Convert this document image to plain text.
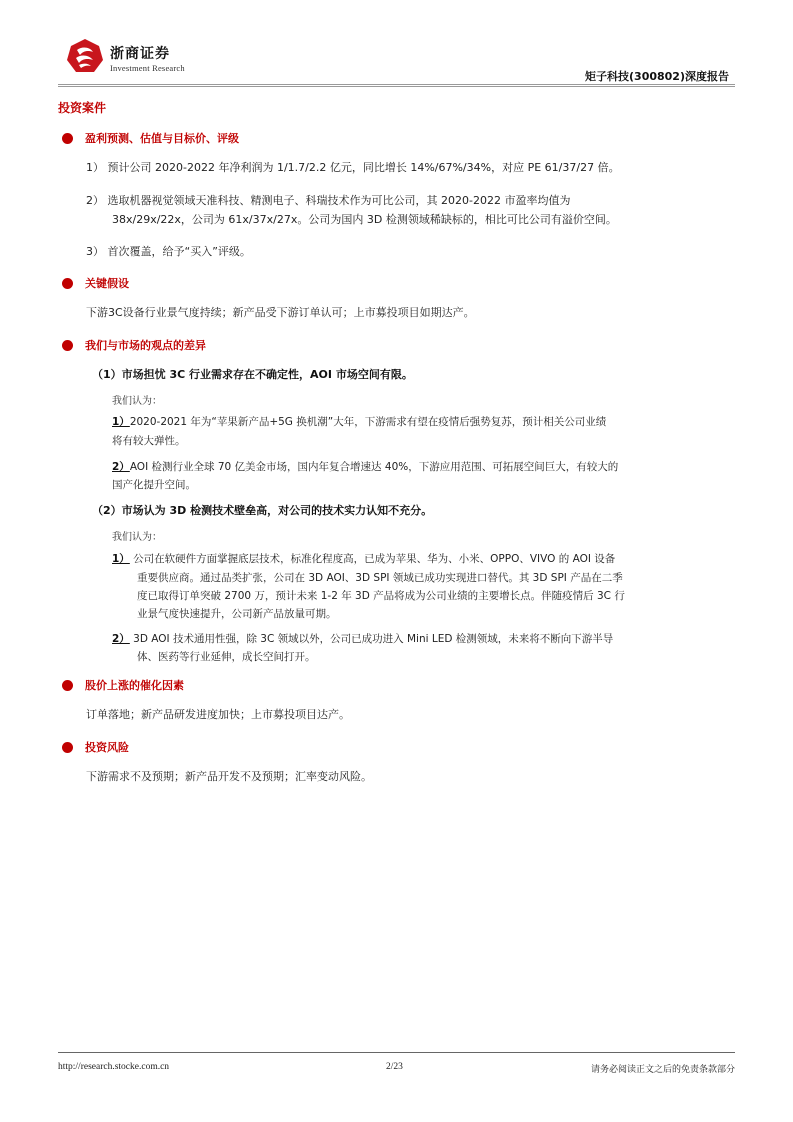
浙商证券
Investment Research
矩子科技(300802)深度报告
投资案件
盈利预测、估值与目标价、评级
1） 预计公司 2020-2022 年净利润为 1/1.7/2.2 亿元，同比增长 14%/67%/34%，对应 PE 61/37/27 倍。
2） 选取机器视觉领域天准科技、精测电子、科瑞技术作为可比公司，其 2020-2022 市盈率均值为
38x/29x/22x，公司为 61x/37x/27x。公司为国内 3D 检测领域稀缺标的，相比可比公司有溢价空间。
3） 首次覆盖，给予“买入”评级。
关键假设
下游3C设备行业景气度持续；新产品受下游订单认可；上市募投项目如期达产。
我们与市场的观点的差异
（1）市场担忧 3C 行业需求存在不确定性，AOI 市场空间有限。
我们认为：
1）2020-2021 年为“苹果新产品+5G 换机潮”大年，下游需求有望在疫情后强势复苏，预计相关公司业绩
将有较大弹性。
2）AOI 检测行业全球 70 亿美金市场，国内年复合增速达 40%，下游应用范围、可拓展空间巨大，有较大的
国产化提升空间。
（2）市场认为 3D 检测技术壁垒高，对公司的技术实力认知不充分。
我们认为：
1） 公司在软硬件方面掌握底层技术，标准化程度高，已成为苹果、华为、小米、OPPO、VIVO 的 AOI 设备
重要供应商。通过品类扩张，公司在 3D AOI、3D SPI 领域已成功实现进口替代。其 3D SPI 产品在二季
度已取得订单突破 2700 万，预计未来 1-2 年 3D 产品将成为公司业绩的主要增长点。伴随疫情后 3C 行
业景气度快速提升，公司新产品放量可期。
2） 3D AOI 技术通用性强，除 3C 领域以外，公司已成功进入 Mini LED 检测领域，未来将不断向下游半导
体、医药等行业延伸，成长空间打开。
股价上涨的催化因素
订单落地；新产品研发进度加快；上市募投项目达产。
投资风险
下游需求不及预期；新产品开发不及预期；汇率变动风险。
http://research.stocke.com.cn	2/23	请务必阅读正文之后的免责条款部分
